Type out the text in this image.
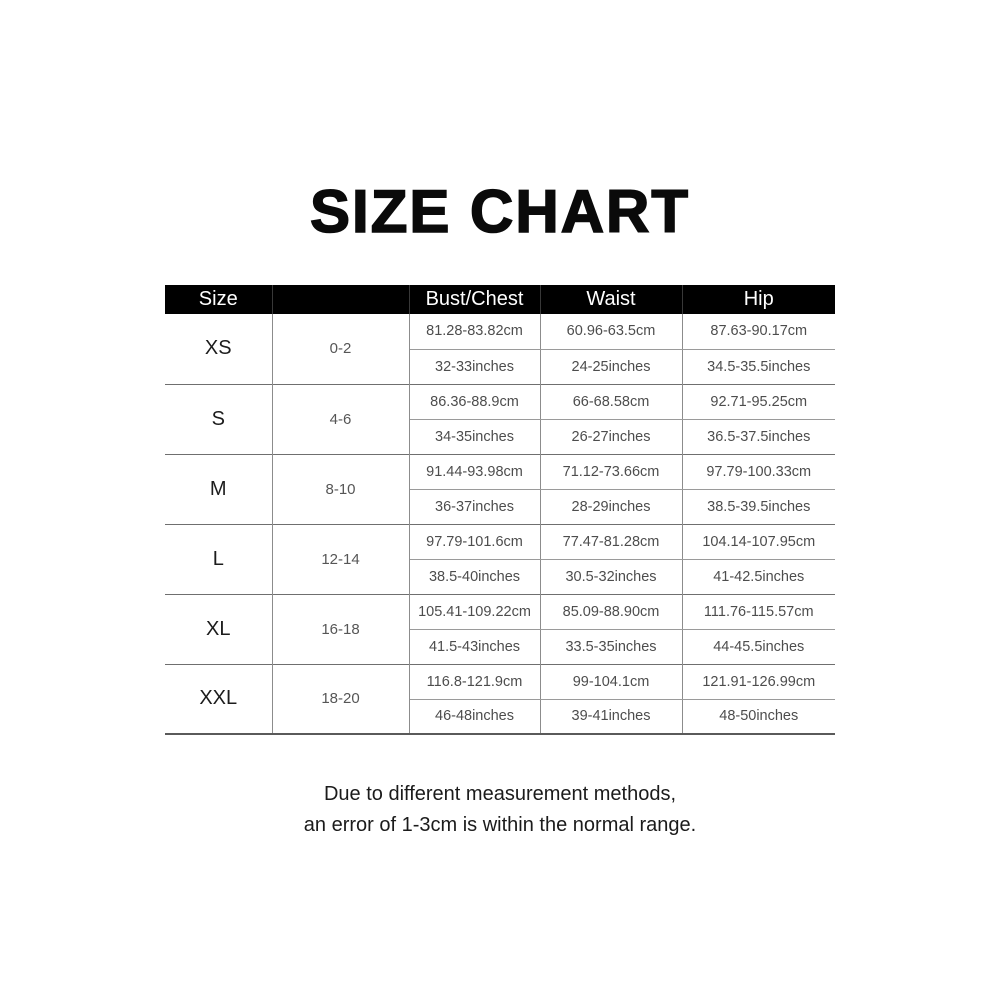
SIZE CHART
Size		Bust/Chest	Waist	Hip
XS	0-2	81.28-83.82cm	60.96-63.5cm	87.63-90.17cm
		32-33inches	24-25inches	34.5-35.5inches
S	4-6	86.36-88.9cm	66-68.58cm	92.71-95.25cm
		34-35inches	26-27inches	36.5-37.5inches
M	8-10	91.44-93.98cm	71.12-73.66cm	97.79-100.33cm
		36-37inches	28-29inches	38.5-39.5inches
L	12-14	97.79-101.6cm	77.47-81.28cm	104.14-107.95cm
		38.5-40inches	30.5-32inches	41-42.5inches
XL	16-18	105.41-109.22cm	85.09-88.90cm	111.76-115.57cm
		41.5-43inches	33.5-35inches	44-45.5inches
XXL	18-20	116.8-121.9cm	99-104.1cm	121.91-126.99cm
		46-48inches	39-41inches	48-50inches
Due to different measurement methods,
an error of 1-3cm is within the normal range.
